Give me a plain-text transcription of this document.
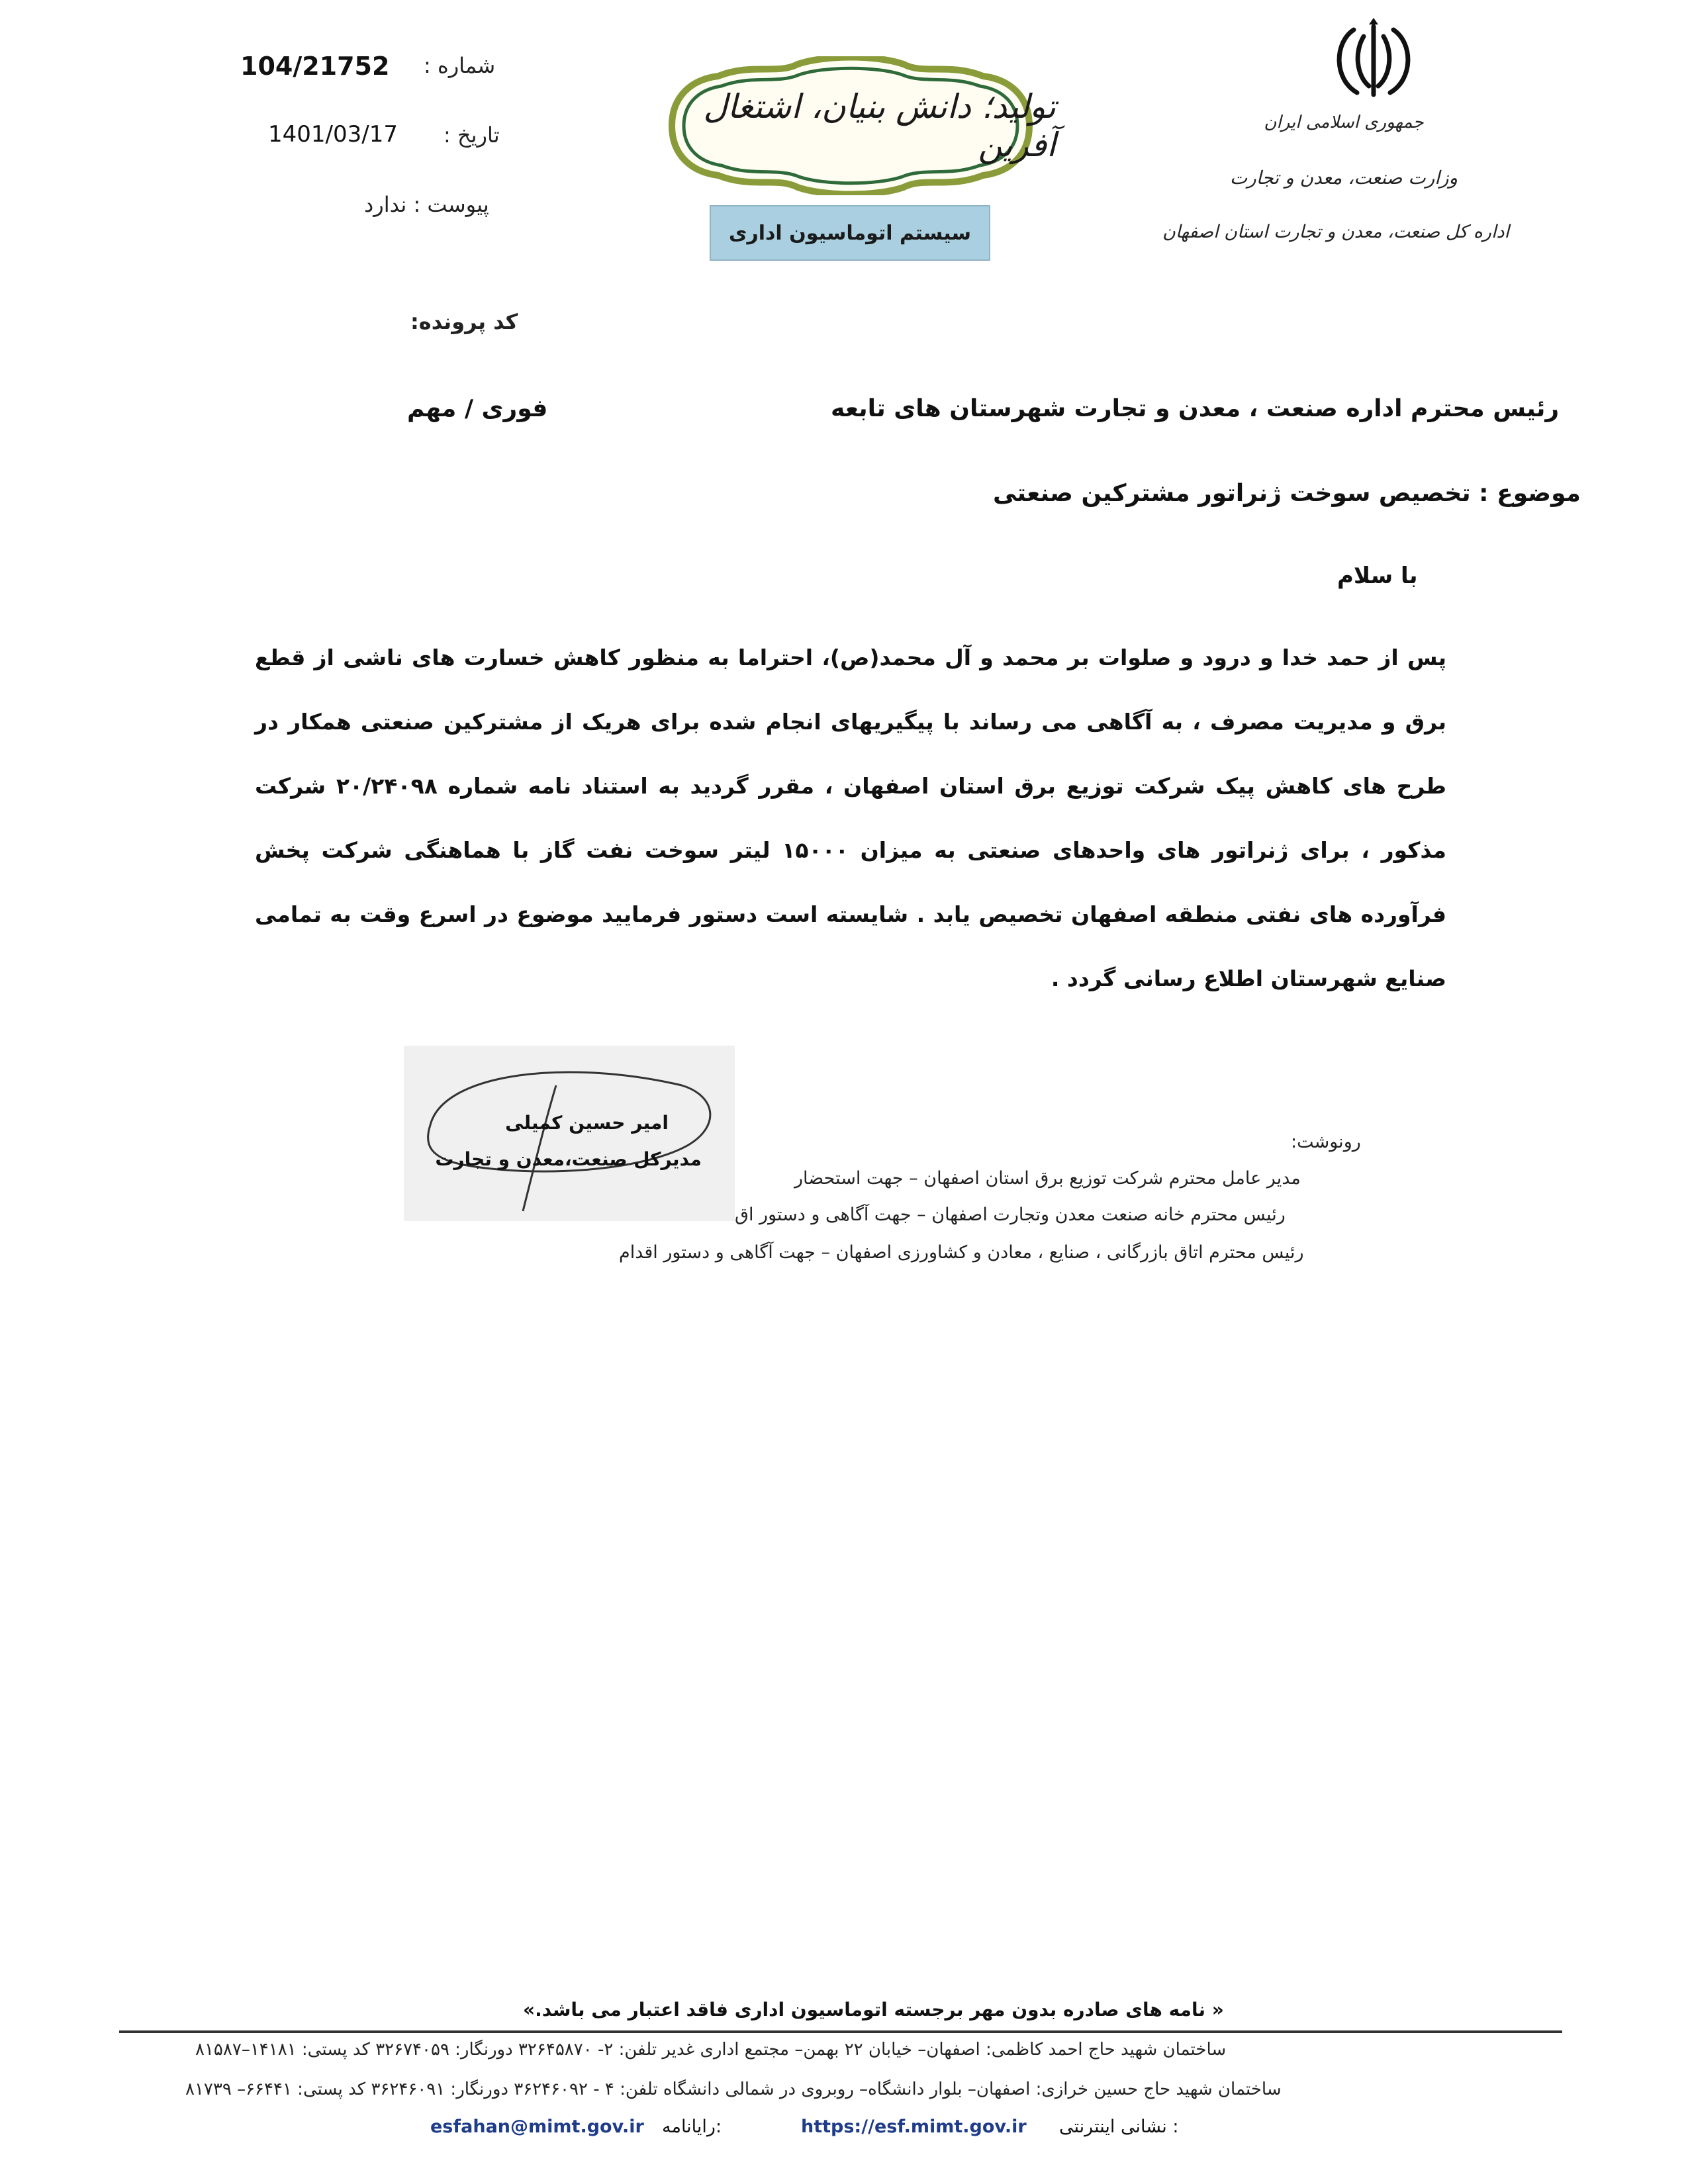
جمهوری اسلامی ایران
وزارت صنعت، معدن و تجارت
اداره کل صنعت، معدن و تجارت استان اصفهان
تولید؛ دانش بنیان، اشتغال آفرین
سیستم اتوماسیون اداری
شماره :
104/21752
تاریخ :
1401/03/17
پیوست : ندارد
کد پرونده:
رئیس محترم اداره صنعت ، معدن و تجارت شهرستان های تابعه
فوری / مهم
موضوع : تخصیص سوخت ژنراتور مشترکین صنعتی
با سلام
پس از حمد خدا و درود و صلوات بر محمد و آل محمد(ص)، احتراما به منظور کاهش خسارت های ناشی از قطع برق و مدیریت مصرف ، به آگاهی می رساند با پیگیریهای انجام شده برای هریک از مشترکین صنعتی همکار در طرح های کاهش پیک شرکت توزیع برق استان اصفهان ، مقرر گردید به استناد نامه شماره ۲۰/۲۴۰۹۸ شرکت مذکور ، برای ژنراتور های واحدهای صنعتی به میزان ۱۵۰۰۰ لیتر سوخت نفت گاز با هماهنگی شرکت پخش فرآورده های نفتی منطقه اصفهان تخصیص یابد . شایسته است دستور فرمایید موضوع در اسرع وقت به تمامی صنایع شهرستان اطلاع رسانی گردد .
امیر حسین کمیلی
مدیرکل صنعت،معدن و تجارت
رونوشت:
مدیر عامل محترم شرکت توزیع برق استان اصفهان – جهت استحضار
رئیس محترم خانه صنعت معدن وتجارت اصفهان – جهت آگاهی و دستور اق
رئیس محترم اتاق بازرگانی ، صنایع ، معادن و کشاورزی اصفهان – جهت آگاهی و دستور اقدام
« نامه های صادره بدون مهر برجسته اتوماسیون اداری فاقد اعتبار می باشد.»
ساختمان شهید حاج احمد کاظمی: اصفهان– خیابان ۲۲ بهمن– مجتمع اداری غدیر تلفن: ۲- ۳۲۶۴۵۸۷۰ دورنگار: ۳۲۶۷۴۰۵۹ کد پستی: ۱۴۱۸۱–۸۱۵۸۷
ساختمان شهید حاج حسین خرازی: اصفهان– بلوار دانشگاه– روبروی در شمالی دانشگاه تلفن: ۴ - ۳۶۲۴۶۰۹۲ دورنگار: ۳۶۲۴۶۰۹۱ کد پستی: ۶۶۴۴۱– ۸۱۷۳۹
نشانی اینترنتی :
https://esf.mimt.gov.ir
رایانامه:
esfahan@mimt.gov.ir
